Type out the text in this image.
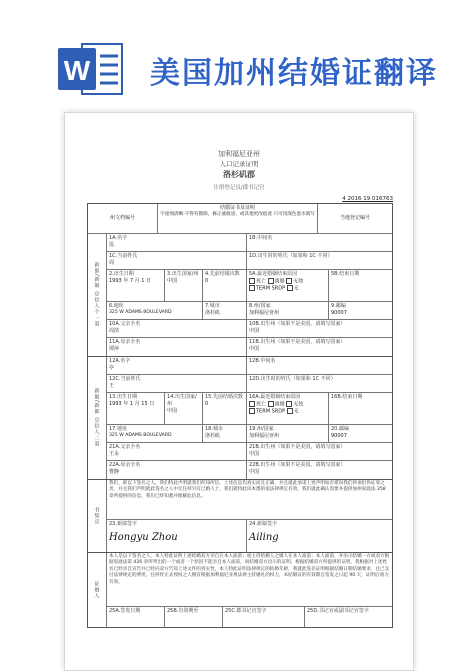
W 美国加州结婚证翻译
加利福尼亚州
人口记录证明
洛杉矶郡
注册登记员/郡书记官
4 2016 19 016763
州文档编号
结婚证书及证明
字迹须清晰-不得有擦除、修正液痕迹、或其他更改痕迹 只可用深色墨水填写
当地登记编号
新郎/新娘 总信人个一第
1A.名字
泓
1B.中间名
1C.当前姓氏
周
1D.出生时的姓氏（如果和 1C 不同）
2.出生日期
1993 年 7 月 1 日
3.出生国家/州
中国
4.先前结婚次数
0
5A.最近婚姻结束原因
死亡 离婚 无效
TERM SRDP 无
5B.结束日期
6.地址
325 W ADAMS BOULEVARD
7.城市
洛杉矶
8.州/国家
加利福尼亚州
9.邮编
90007
10A.父亲全名
周滨
10B.出生州（如果不是美国，请填写国家）
中国
11A.母亲全名
谭萍
11B.出生州（如果不是美国，请填写国家）
中国
新娘/新郎 总信人二第
12A.名字
亭
12B.中间名
12C.当前姓氏
王
12D.出生时的姓氏（如果和 1C 不同）
13.出生日期
1993 年 1 月 15 日
14.出生国家/州
中国
15.先前结婚次数
0
16A.最近婚姻结束原因
死亡 离婚 无效
TERM SRDP 无
16B.结束日期
17.地址
325 W ADAMS BOULEVARD
18.城市
洛杉矶
19.州/国家
加利福尼亚州
20.邮编
90007
21A.父亲全名
王永
21B.出生州（如果不是美国，请填写国家）
中国
22A.母亲全名
曹静
22B.出生州（如果不是美国，请填写国家）
中国
书誓宣
我们，即以下签名之人，我们特此声明就我们所知所信，上述信息均真实而且正确，并且就此承诺上述声明如有错误我们将承担伪证罪之责，并且我们声明就此签名之人中无任何另有已婚人士，我们就特此向本郡的依法律规定有效，我们就此确认需要并提供加州家庭法 358 章所提供的信息，我们已经知悉并理解此信息。
23.新郎签字
Hongyu Zhou
24.新娘签字
Ailing
证婚人
本人是以下签名之人，本人特此证明上述结婚双方亲自在本人面前；或主持结婚人之婚人在本人面前；本人面前，并由示结婚一方或双方根据家庭法第 426 章所列出的一个或者一个原因不能亲自本人面前，而结婚双方出示的证明，根据结婚双方所提供的证明，我根据对上述姓名已经亲自宣告并已经向双方告知上述文件的真实性，本人特此证明法律规定的结婚年龄，我就此签名证明根据结婚日期结婚要求，且已支付法律规定的费用，任何经正式授权之人拥有根据加利福尼亚州法律主持婚礼的权力，本结婚证的有效期自签发之日起 90 天，证明后效力有效。
25A.签发日期	25B.有效期至	25C.郡书记官签字	25D.书记官或副书记官签字
